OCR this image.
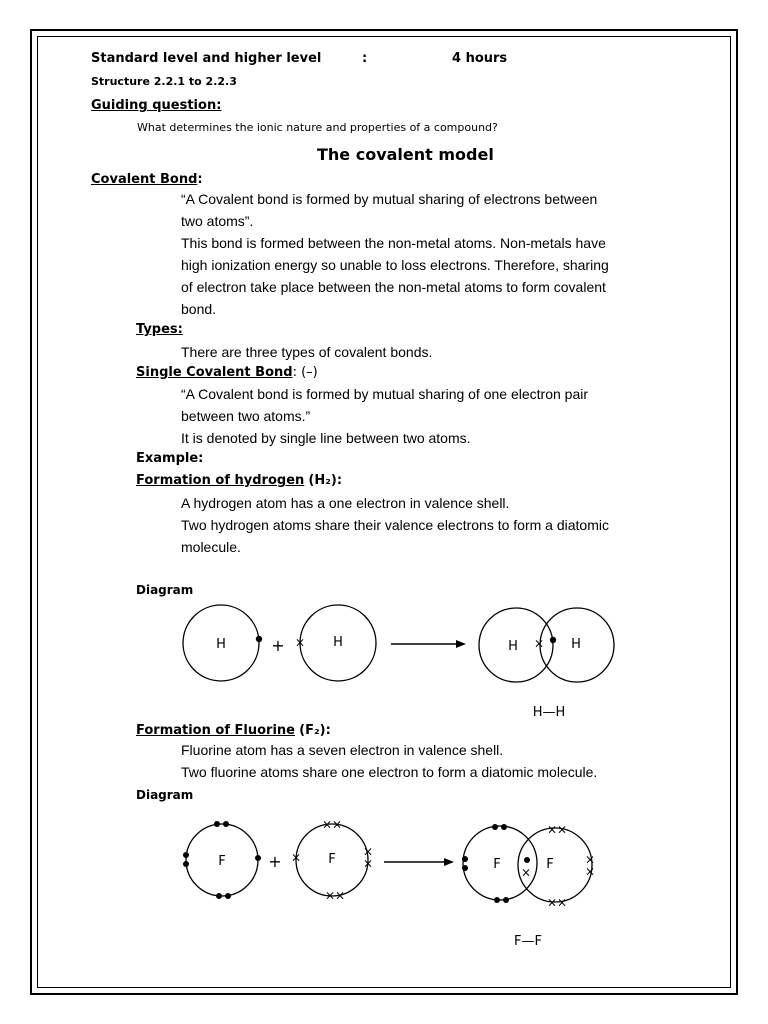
Standard level and higher level	:	4 hours
Structure 2.2.1 to 2.2.3
Guiding question:
What determines the ionic nature and properties of a compound?
The covalent model
Covalent Bond:
“A Covalent bond is formed by mutual sharing of electrons between
two atoms”.
This bond is formed between the non-metal atoms. Non-metals have
high ionization energy so unable to loss electrons. Therefore, sharing
of electron take place between the non-metal atoms to form covalent
bond.
Types:
There are three types of covalent bonds.
Single Covalent Bond: (–)
“A Covalent bond is formed by mutual sharing of one electron pair
between two atoms.”
It is denoted by single line between two atoms.
Example:
Formation of hydrogen (H₂):
A hydrogen atom has a one electron in valence shell.
Two hydrogen atoms share their valence electrons to form a diatomic
molecule.
Diagram
×
H	H
+	H	H
×
H—H
Formation of Fluorine (F₂):
Fluorine atom has a seven electron in valence shell.
Two fluorine atoms share one electron to form a diatomic molecule.
Diagram
F	+	F
××
××
×
×
×	F	F
×
××
××
×
×
F—F
